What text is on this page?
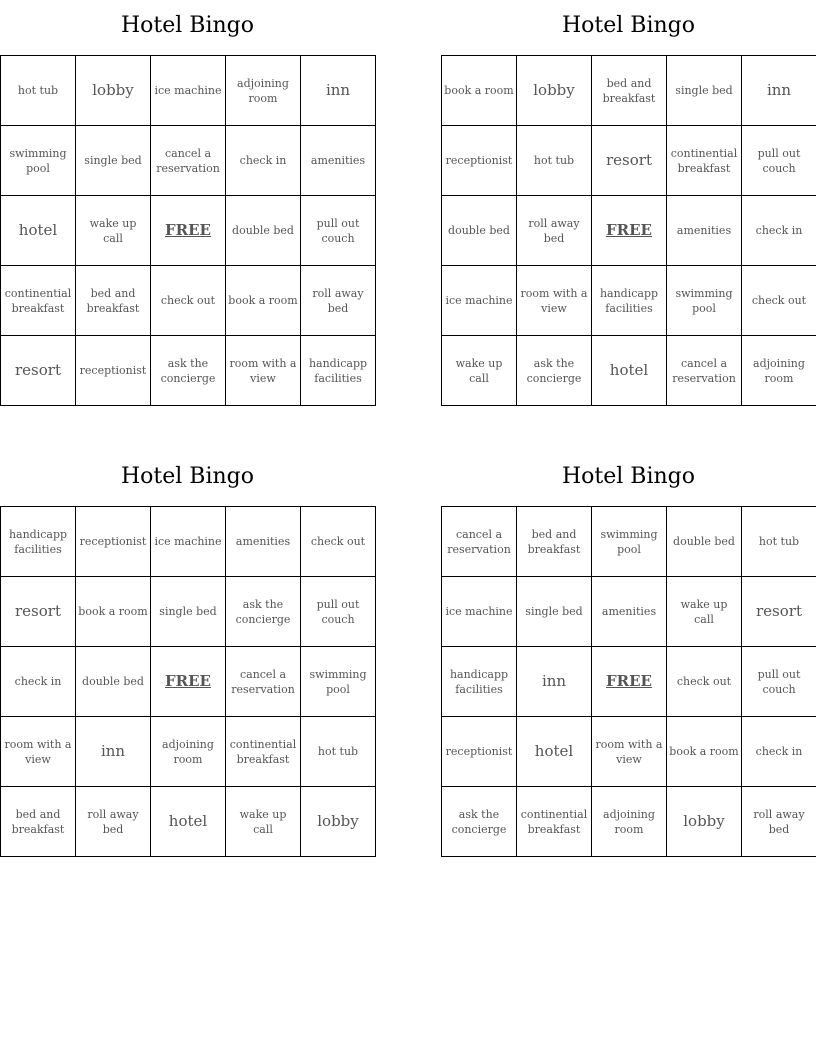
Hotel Bingo
hot tub	lobby	ice machine	adjoining room	inn
swimming pool	single bed	cancel a reservation	check in	amenities
hotel	wake up call	FREE	double bed	pull out couch
continential breakfast	bed and breakfast	check out	book a room	roll away bed
resort	receptionist	ask the concierge	room with a view	handicapp facilities
Hotel Bingo
book a room	lobby	bed and breakfast	single bed	inn
receptionist	hot tub	resort	continential breakfast	pull out couch
double bed	roll away bed	FREE	amenities	check in
ice machine	room with a view	handicapp facilities	swimming pool	check out
wake up call	ask the concierge	hotel	cancel a reservation	adjoining room
Hotel Bingo
handicapp facilities	receptionist	ice machine	amenities	check out
resort	book a room	single bed	ask the concierge	pull out couch
check in	double bed	FREE	cancel a reservation	swimming pool
room with a view	inn	adjoining room	continential breakfast	hot tub
bed and breakfast	roll away bed	hotel	wake up call	lobby
Hotel Bingo
cancel a reservation	bed and breakfast	swimming pool	double bed	hot tub
ice machine	single bed	amenities	wake up call	resort
handicapp facilities	inn	FREE	check out	pull out couch
receptionist	hotel	room with a view	book a room	check in
ask the concierge	continential breakfast	adjoining room	lobby	roll away bed
